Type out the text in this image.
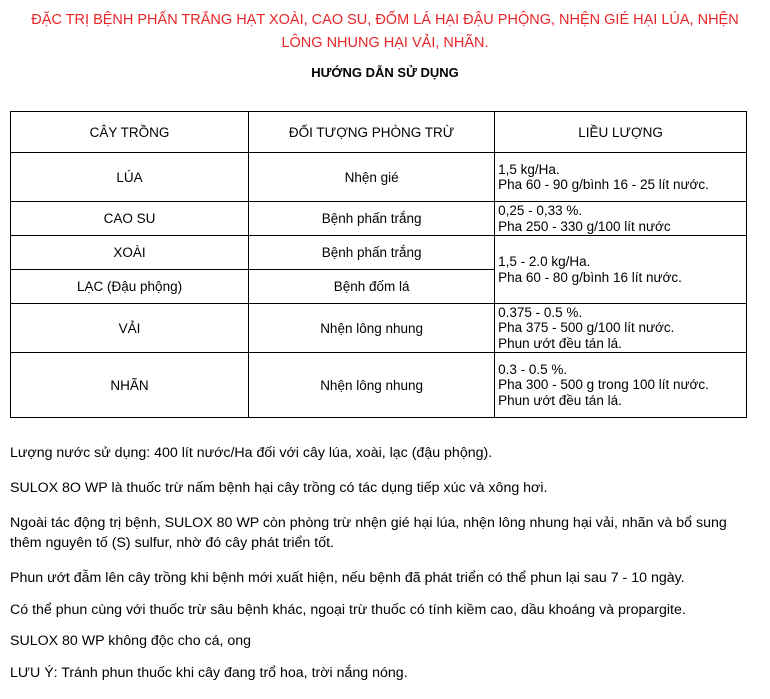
ĐẶC TRỊ BỆNH PHẤN TRẮNG HẠT XOÀI, CAO SU, ĐỐM LÁ HẠI ĐẬU PHỘNG, NHỆN GIÉ HẠI LÚA, NHỆN
LÔNG NHUNG HẠI VẢI, NHÃN.
HƯỚNG DẪN SỬ DỤNG
CÂY TRỒNG	ĐỐI TƯỢNG PHÒNG TRỪ	LIỀU LƯỢNG
LÚA	Nhện gié	1,5 kg/Ha.
Pha 60 - 90 g/bình 16 - 25 lít nước.

CAO SU	Bệnh phấn trắng	0,25 - 0,33 %.
Pha 250 - 330 g/100 lít nước

XOÀI	Bệnh phấn trắng	1,5 - 2.0 kg/Ha.
Pha 60 - 80 g/bình 16 lít nước.

LẠC (Đậu phộng)	Bệnh đốm lá	
VẢI	Nhện lông nhung	0.375 - 0.5 %.
Pha 375 - 500 g/100 lít nước.
Phun ướt đều tán lá.

NHÃN	Nhện lông nhung	0.3 - 0.5 %.
Pha 300 - 500 g trong 100 lít nước.
Phun ướt đều tán lá.

Lượng nước sử dụng: 400 lít nước/Ha đối với cây lúa, xoài, lạc (đậu phộng).

SULOX 8O WP là thuốc trừ nấm bệnh hại cây trồng có tác dụng tiếp xúc và xông hơi.

Ngoài tác động trị bệnh, SULOX 80 WP còn phòng trừ nhện gié hại lúa, nhện lông nhung hại vải, nhãn và bổ sung thêm nguyên tố (S) sulfur, nhờ đó cây phát triển tốt.

Phun ướt đẫm lên cây trồng khi bệnh mới xuất hiện, nếu bệnh đã phát triển có thể phun lại sau 7 - 10 ngày.

Có thể phun cùng với thuốc trừ sâu bệnh khác, ngoại trừ thuốc có tính kiềm cao, dầu khoáng và propargite.

SULOX 80 WP không độc cho cá, ong

LƯU Ý: Tránh phun thuốc khi cây đang trổ hoa, trời nắng nóng.
